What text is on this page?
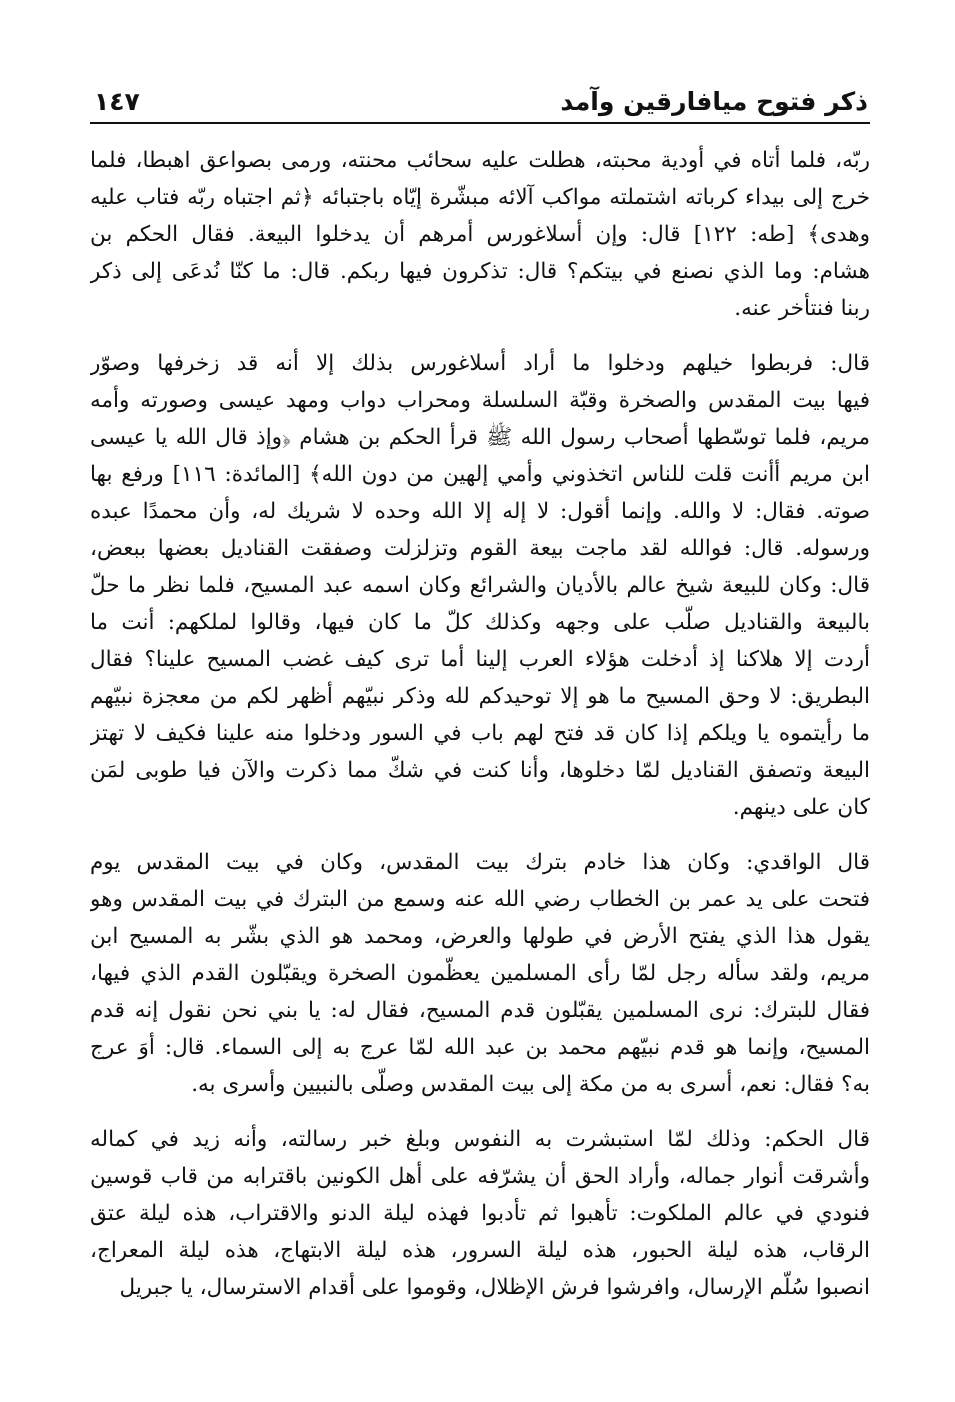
ذكر فتوح ميافارقين وآمد
١٤٧
ربّه، فلما أتاه في أودية محبته، هطلت عليه سحائب محنته، ورمى بصواعق اهبطا، فلما
خرج إلى بيداء كرباته اشتملته مواكب آلائه مبشّرة إيّاه باجتبائه ﴿ثم اجتباه ربّه فتاب عليه
وهدى﴾ [طه: ١٢٢] قال: وإن أسلاغورس أمرهم أن يدخلوا البيعة. فقال الحكم بن
هشام: وما الذي نصنع في بيتكم؟ قال: تذكرون فيها ربكم. قال: ما كنّا نُدعَى إلى ذكر
ربنا فنتأخر عنه.
قال: فربطوا خيلهم ودخلوا ما أراد أسلاغورس بذلك إلا أنه قد زخرفها وصوّر
فيها بيت المقدس والصخرة وقبّة السلسلة ومحراب دواب ومهد عيسى وصورته وأمه
مريم، فلما توسّطها أصحاب رسول الله ﷺ قرأ الحكم بن هشام ﴿وإذ قال الله يا عيسى
ابن مريم أأنت قلت للناس اتخذوني وأمي إلهين من دون الله﴾ [المائدة: ١١٦] ورفع بها
صوته. فقال: لا والله. وإنما أقول: لا إله إلا الله وحده لا شريك له، وأن محمدًا عبده
ورسوله. قال: فوالله لقد ماجت بيعة القوم وتزلزلت وصفقت القناديل بعضها ببعض،
قال: وكان للبيعة شيخ عالم بالأديان والشرائع وكان اسمه عبد المسيح، فلما نظر ما حلّ
بالبيعة والقناديل صلّب على وجهه وكذلك كلّ ما كان فيها، وقالوا لملكهم: أنت ما
أردت إلا هلاكنا إذ أدخلت هؤلاء العرب إلينا أما ترى كيف غضب المسيح علينا؟ فقال
البطريق: لا وحق المسيح ما هو إلا توحيدكم لله وذكر نبيّهم أظهر لكم من معجزة نبيّهم
ما رأيتموه يا ويلكم إذا كان قد فتح لهم باب في السور ودخلوا منه علينا فكيف لا تهتز
البيعة وتصفق القناديل لمّا دخلوها، وأنا كنت في شكّ مما ذكرت والآن فيا طوبى لمَن
كان على دينهم.
قال الواقدي: وكان هذا خادم بترك بيت المقدس، وكان في بيت المقدس يوم
فتحت على يد عمر بن الخطاب رضي الله عنه وسمع من البترك في بيت المقدس وهو
يقول هذا الذي يفتح الأرض في طولها والعرض، ومحمد هو الذي بشّر به المسيح ابن
مريم، ولقد سأله رجل لمّا رأى المسلمين يعظّمون الصخرة ويقبّلون القدم الذي فيها،
فقال للبترك: نرى المسلمين يقبّلون قدم المسيح، فقال له: يا بني نحن نقول إنه قدم
المسيح، وإنما هو قدم نبيّهم محمد بن عبد الله لمّا عرج به إلى السماء. قال: أوَ عرج
به؟ فقال: نعم، أسرى به من مكة إلى بيت المقدس وصلّى بالنبيين وأسرى به.
قال الحكم: وذلك لمّا استبشرت به النفوس وبلغ خبر رسالته، وأنه زيد في كماله
وأشرقت أنوار جماله، وأراد الحق أن يشرّفه على أهل الكونين باقترابه من قاب قوسين
فنودي في عالم الملكوت: تأهبوا ثم تأدبوا فهذه ليلة الدنو والاقتراب، هذه ليلة عتق
الرقاب، هذه ليلة الحبور، هذه ليلة السرور، هذه ليلة الابتهاج، هذه ليلة المعراج،
انصبوا سُلّم الإرسال، وافرشوا فرش الإظلال، وقوموا على أقدام الاسترسال، يا جبريل
